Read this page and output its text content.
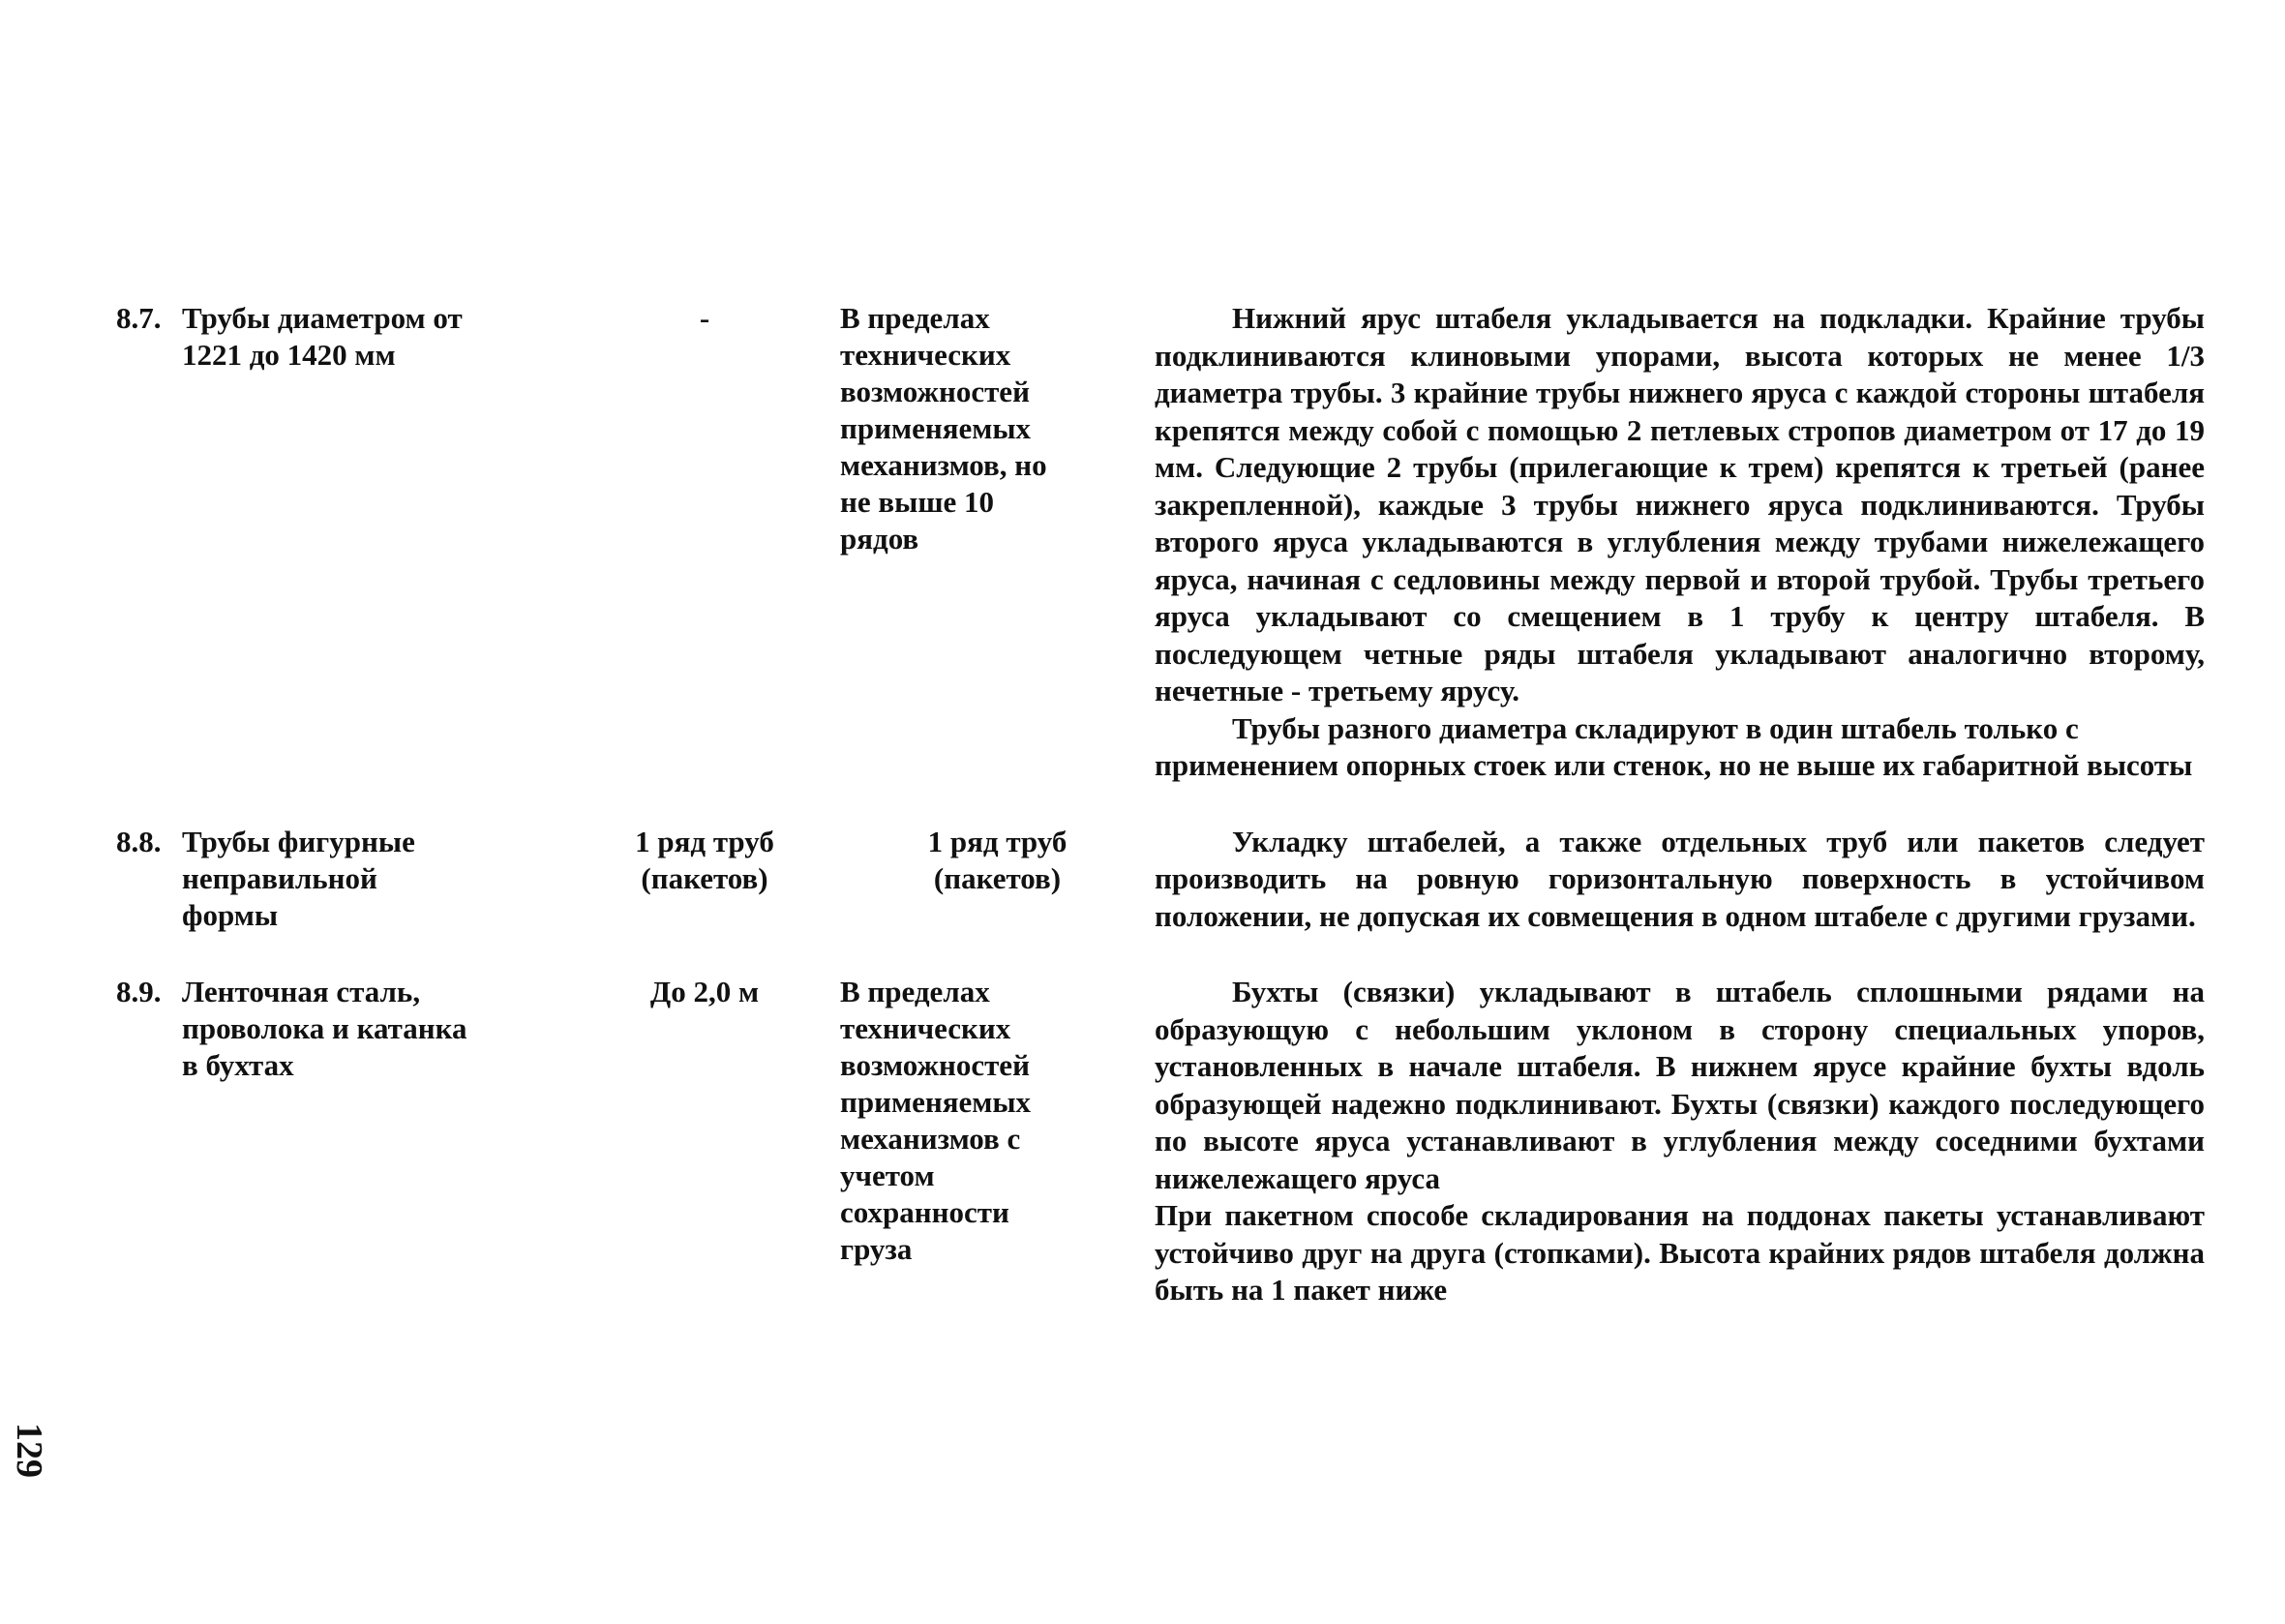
8.7. Трубы диаметром от
1221 до 1420 мм
-	В пределах
технических
возможностей
применяемых
механизмов, но
не выше 10
рядов

Нижний ярус штабеля укладывается на подкладки. Крайние трубы подклиниваются клиновыми упорами, высота которых не менее 1/3 диаметра трубы. 3 крайние трубы нижнего яруса с каждой стороны штабеля крепятся между собой с помощью 2 петлевых стропов диаметром от 17 до 19 мм. Следующие 2 трубы (прилегающие к трем) крепятся к третьей (ранее закрепленной), каждые 3 трубы нижнего яруса подклиниваются. Трубы второго яруса укладываются в углубления между трубами нижележащего яруса, начиная с седловины между первой и второй трубой. Трубы третьего яруса укладывают со смещением в 1 трубу к центру штабеля. В последующем четные ряды штабеля укладывают аналогично второму, нечетные - третьему ярусу.

Трубы разного диаметра складируют в один штабель только с применением опорных стоек или стенок, но не выше их габаритной высоты

8.8. Трубы фигурные
неправильной
формы
1 ряд труб
(пакетов)
1 ряд труб
(пакетов)

Укладку штабелей, а также отдельных труб или пакетов следует производить на ровную горизонтальную поверхность в устойчивом положении, не допуская их совмещения в одном штабеле с другими грузами.

8.9. Ленточная сталь,
проволока и катанка
в бухтах
До 2,0 м	В пределах
технических
возможностей
применяемых
механизмов с
учетом
сохранности
груза

Бухты (связки) укладывают в штабель сплошными рядами на образующую с небольшим уклоном в сторону специальных упоров, установленных в начале штабеля. В нижнем ярусе крайние бухты вдоль образующей надежно подклинивают. Бухты (связки) каждого последующего по высоте яруса устанавливают в углубления между соседними бухтами нижележащего яруса

При пакетном способе складирования на поддонах пакеты устанавливают устойчиво друг на друга (стопками). Высота крайних рядов штабеля должна быть на 1 пакет ниже

129
